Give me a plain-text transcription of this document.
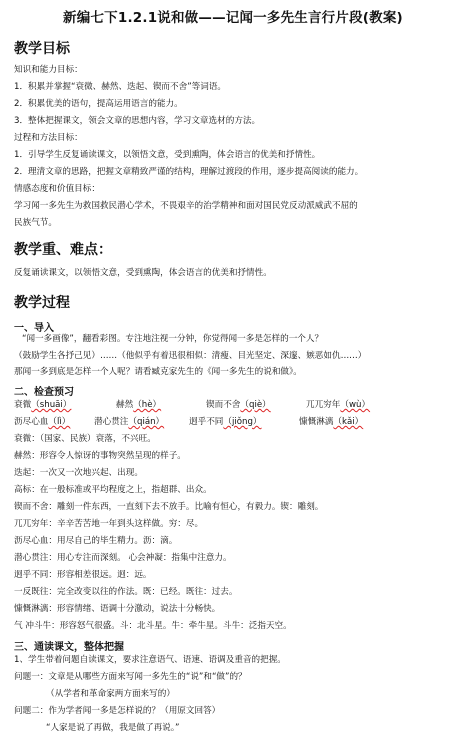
新编七下1.2.1说和做——记闻一多先生言行片段(教案)
教学目标
知识和能力目标：
1．积累并掌握“衰微、赫然、迭起、锲而不舍”等词语。
2．积累优美的语句，提高运用语言的能力。
3．整体把握课文，领会文章的思想内容，学习文章选材的方法。
过程和方法目标：
1．引导学生反复诵读课文，以领悟文意，受到熏陶，体会语言的优美和抒情性。
2．理清文章的思路，把握文章精致严谨的结构，理解过渡段的作用，逐步提高阅读的能力。
情感态度和价值目标：
学习闻一多先生为救国救民潜心学术，不畏艰辛的治学精神和面对国民党反动派威武不屈的
民族气节。
教学重、难点：
反复诵读课文，以领悟文意，受到熏陶，体会语言的优美和抒情性。
教学过程
一、导入
“闻一多画像”，翻看彩图。专注地注视一分钟，你觉得闻一多是怎样的一个人？
（鼓励学生各抒己见）……（他似乎有着迅很相似：清瘦、目光坚定、深邃、嫉恶如仇……）
那闻一多到底是怎样一个人呢？请看臧克家先生的《闻一多先生的说和做》。
二、检查预习
衰微（shuāi）	赫然（hè）	锲而不舍（qiè）	兀兀穷年（wù）
沥尽心血（lì）	潜心贯注（qián）	迥乎不同（jiǒng）	慷慨淋漓（kǎi）
衰微：（国家、民族）衰落，不兴旺。
赫然：形容令人惊讶的事物突然呈现的样子。
迭起：一次又一次地兴起、出现。
高标：在一般标准或平均程度之上，指超群、出众。
锲而不舍：雕刻一件东西，一直刻下去不放手。比喻有恒心，有毅力。锲：雕刻。
兀兀穷年：辛辛苦苦地一年到头这样做。穷：尽。
沥尽心血：用尽自己的毕生精力。沥：滴。
潜心贯注：用心专注而深刻。 心会神凝：指集中注意力。
迥乎不同：形容相差很远。迥：远。
一反既往：完全改变以往的作法。既：已经。既往：过去。
慷慨淋漓：形容情绪、语调十分激动，说法十分畅快。
气 冲斗牛：形容怒气很盛。斗：北斗星。牛：牵牛星。斗牛：泛指天空。
三、通读课文，整体把握
1、学生带着问题自读课文，要求注意语气、语速、语调及重音的把握。
问题一：文章是从哪些方面来写闻一多先生的“说”和“做”的？
（从学者和革命家两方面来写的）
问题二：作为学者闻一多是怎样说的？（用原文回答）
“人家是说了再做，我是做了再说。”
